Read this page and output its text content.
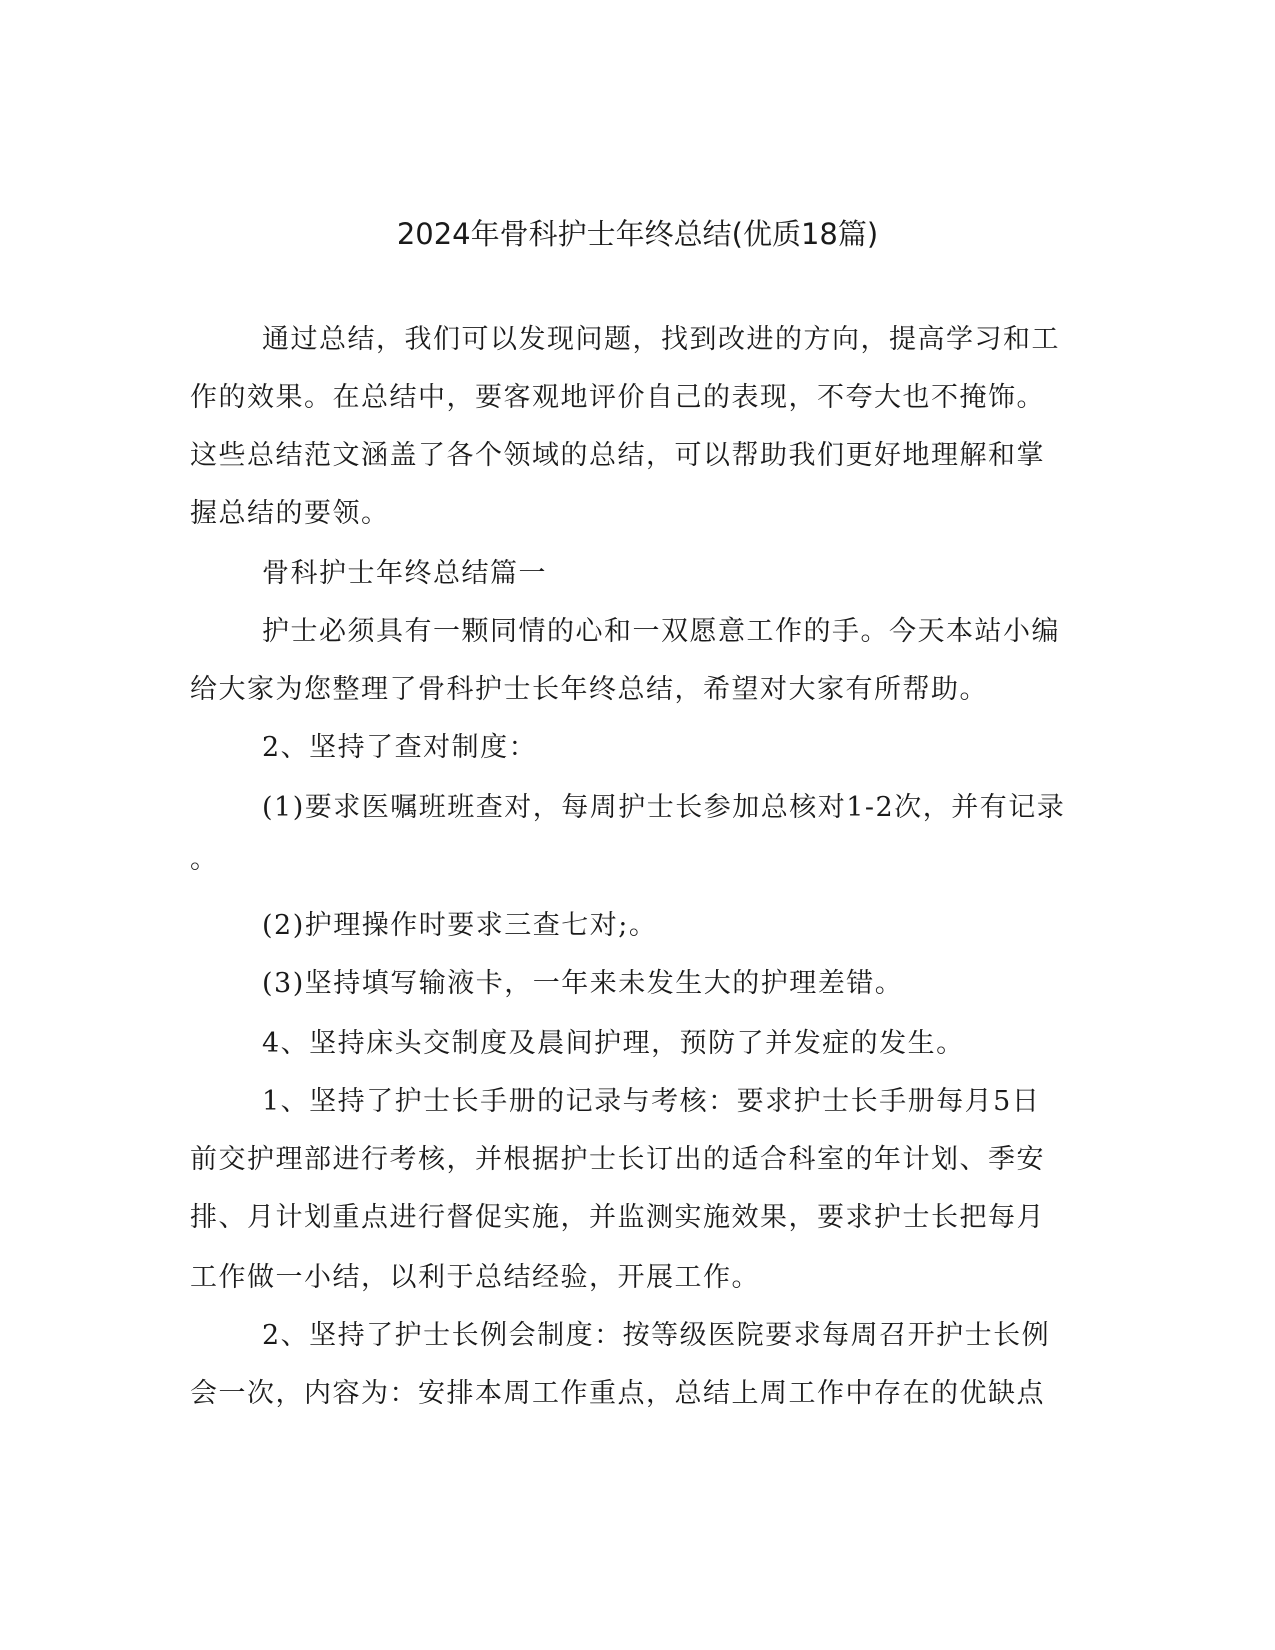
2024年骨科护士年终总结(优质18篇)
通过总结，我们可以发现问题，找到改进的方向，提高学习和工
作的效果。在总结中，要客观地评价自己的表现，不夸大也不掩饰。
这些总结范文涵盖了各个领域的总结，可以帮助我们更好地理解和掌
握总结的要领。
骨科护士年终总结篇一
护士必须具有一颗同情的心和一双愿意工作的手。今天本站小编
给大家为您整理了骨科护士长年终总结，希望对大家有所帮助。
2、坚持了查对制度：
(1)要求医嘱班班查对，每周护士长参加总核对1-2次，并有记录
。
(2)护理操作时要求三查七对;。
(3)坚持填写输液卡，一年来未发生大的护理差错。
4、坚持床头交制度及晨间护理，预防了并发症的发生。
1、坚持了护士长手册的记录与考核：要求护士长手册每月5日
前交护理部进行考核，并根据护士长订出的适合科室的年计划、季安
排、月计划重点进行督促实施，并监测实施效果，要求护士长把每月
工作做一小结，以利于总结经验，开展工作。
2、坚持了护士长例会制度：按等级医院要求每周召开护士长例
会一次，内容为：安排本周工作重点，总结上周工作中存在的优缺点
